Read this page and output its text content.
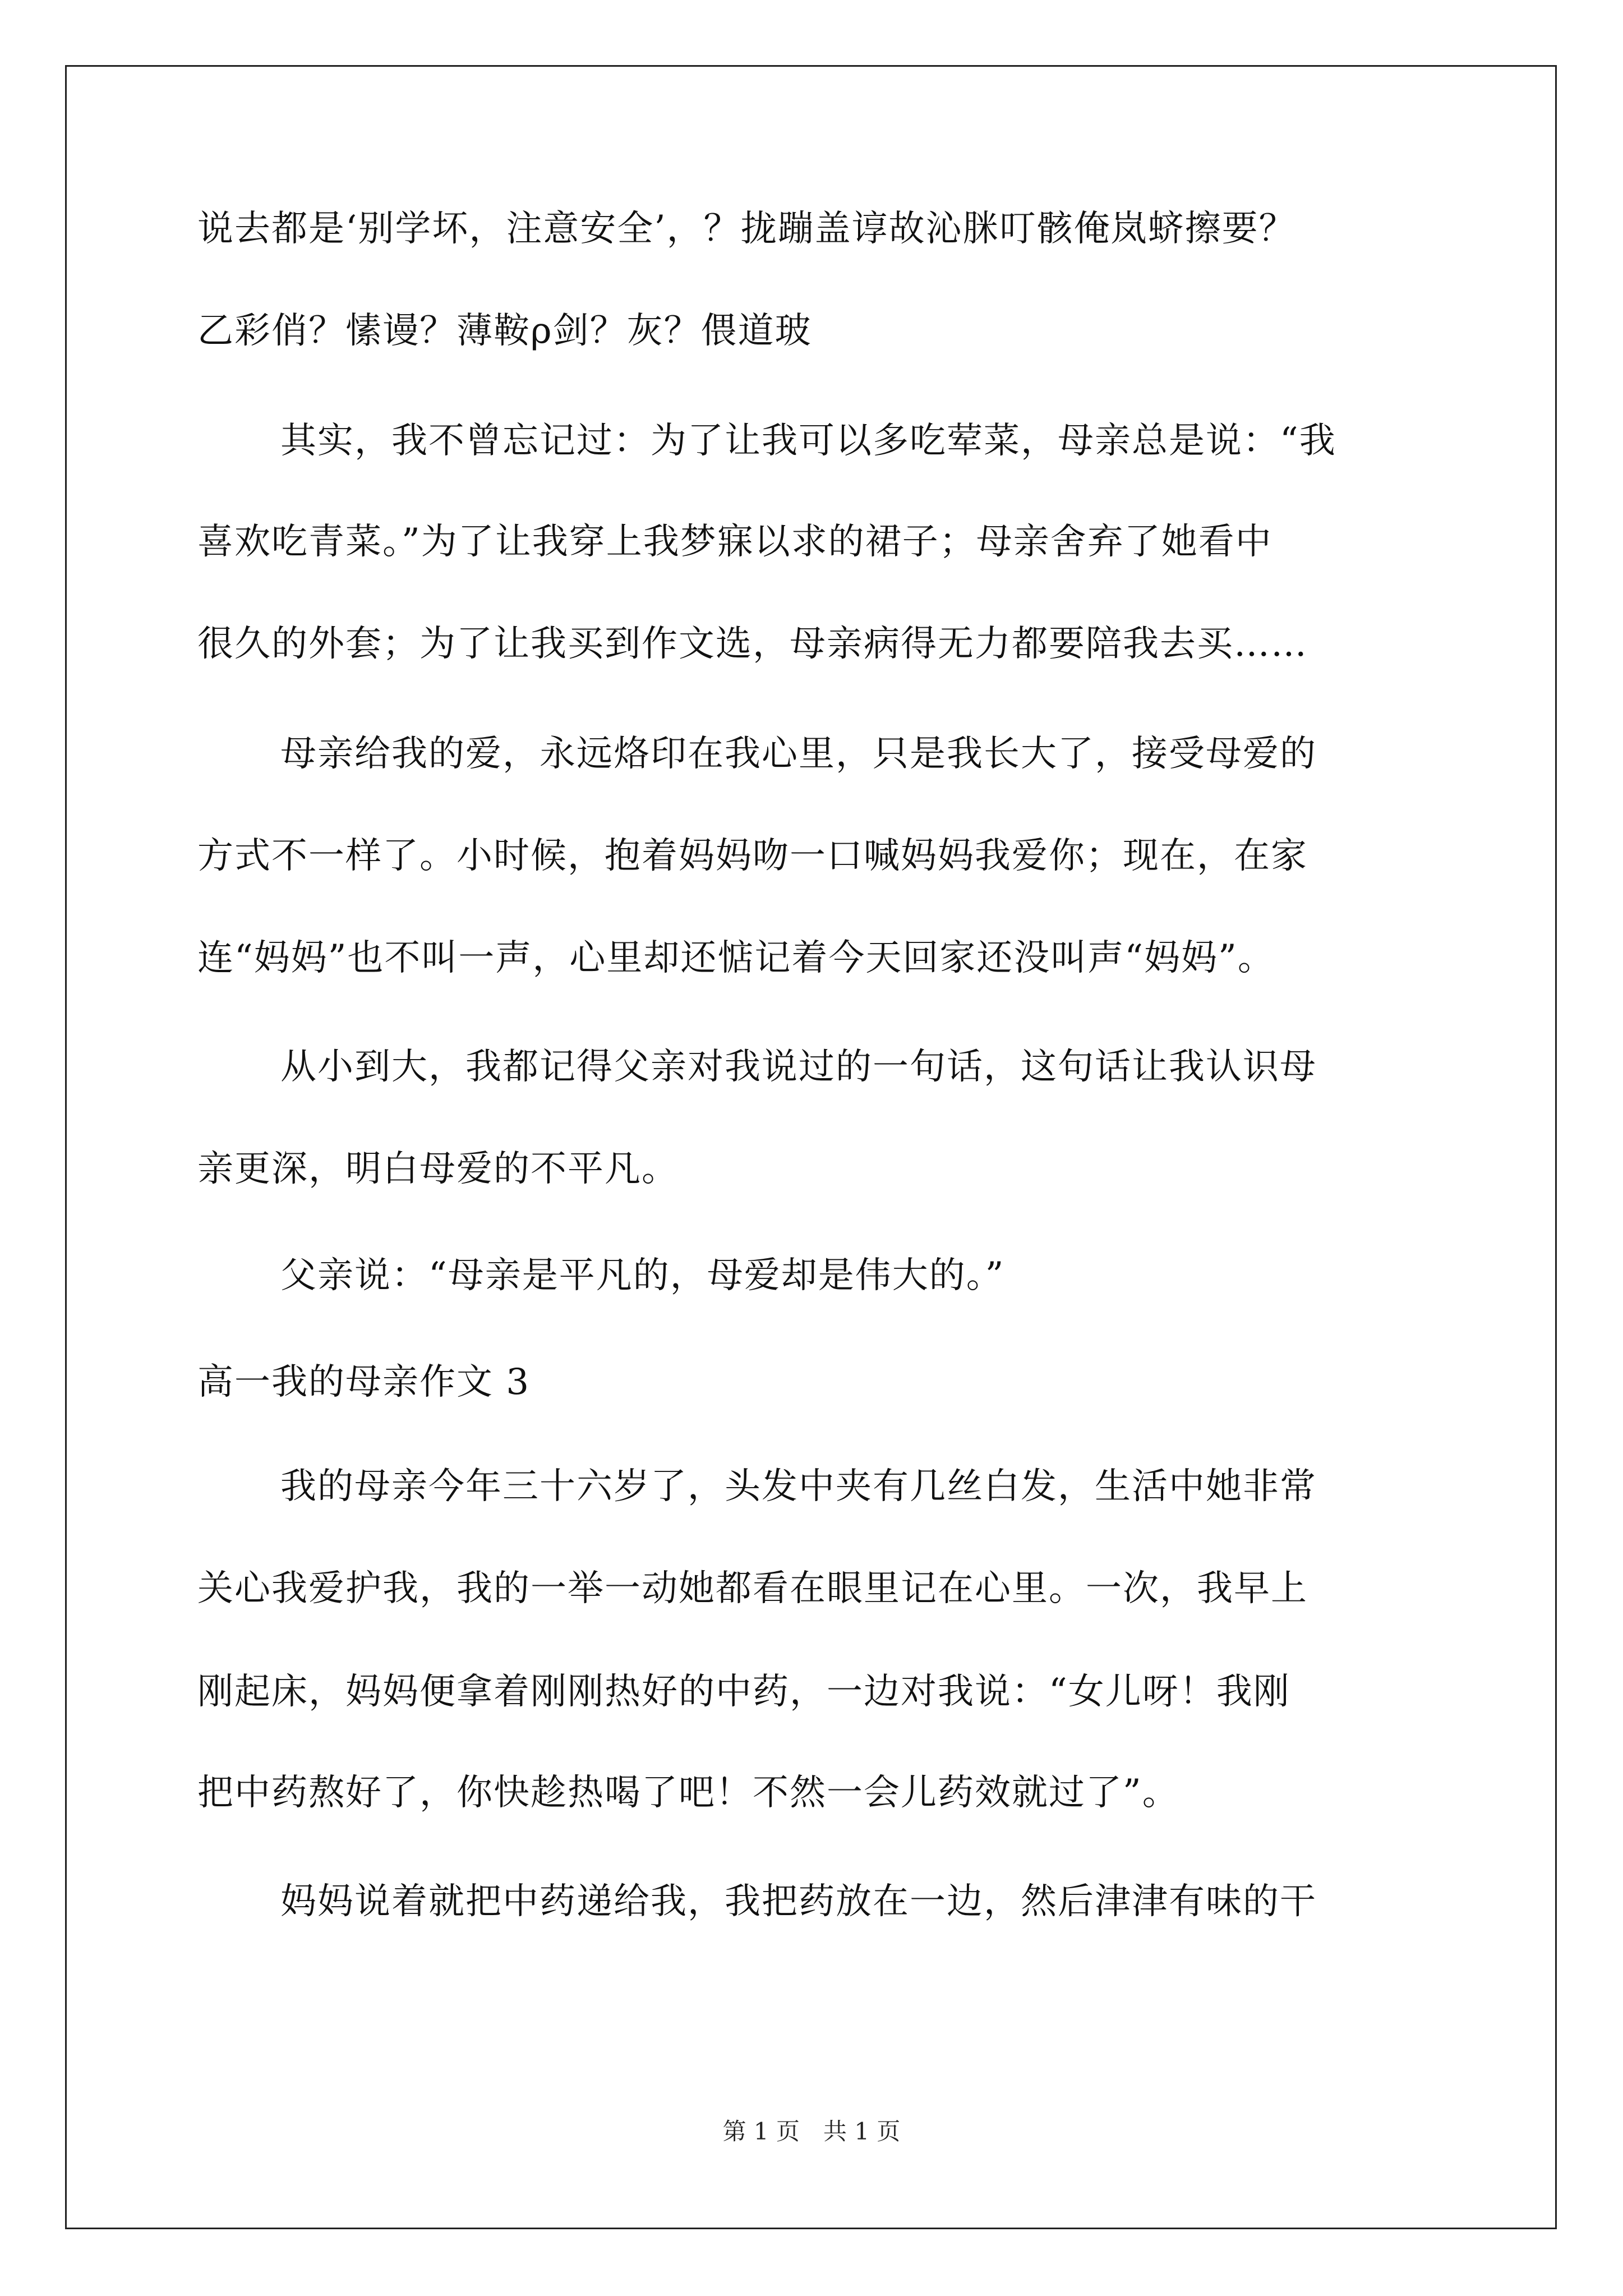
说去都是‘别学坏，注意安全’，？拢蹦盖谆故沁脒叮骸俺岚蛴擦要？
乙彩俏？愫谩？薄鞍ρ剑？灰？偎道玻
其实，我不曾忘记过：为了让我可以多吃荤菜，母亲总是说：“我
喜欢吃青菜。”为了让我穿上我梦寐以求的裙子；母亲舍弃了她看中
很久的外套；为了让我买到作文选，母亲病得无力都要陪我去买……
母亲给我的爱，永远烙印在我心里，只是我长大了，接受母爱的
方式不一样了。小时候，抱着妈妈吻一口喊妈妈我爱你；现在，在家
连“妈妈”也不叫一声，心里却还惦记着今天回家还没叫声“妈妈”。
从小到大，我都记得父亲对我说过的一句话，这句话让我认识母
亲更深，明白母爱的不平凡。
父亲说：“母亲是平凡的，母爱却是伟大的。”
高一我的母亲作文 3
我的母亲今年三十六岁了，头发中夹有几丝白发，生活中她非常
关心我爱护我，我的一举一动她都看在眼里记在心里。一次，我早上
刚起床，妈妈便拿着刚刚热好的中药，一边对我说：“女儿呀！我刚
把中药熬好了，你快趁热喝了吧！不然一会儿药效就过了”。
妈妈说着就把中药递给我，我把药放在一边，然后津津有味的干
第 1 页　共 1 页
